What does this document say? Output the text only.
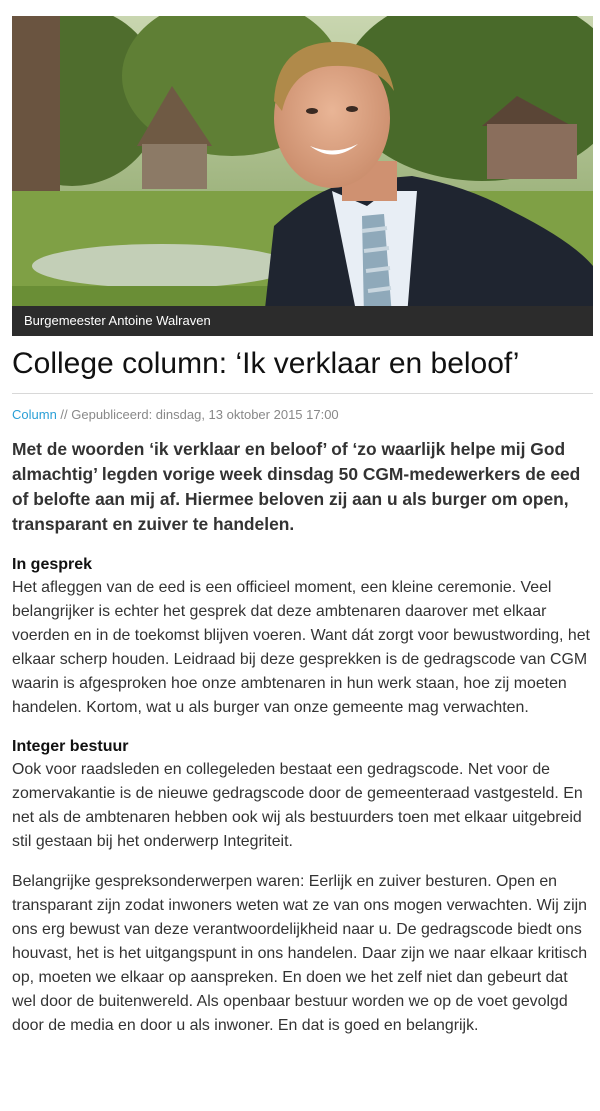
Burgemeester Antoine Walraven
College column: ‘Ik verklaar en beloof’
Column // Gepubliceerd: dinsdag, 13 oktober 2015 17:00

Met de woorden ‘ik verklaar en beloof’ of ‘zo waarlijk helpe mij God almachtig’ legden vorige week dinsdag 50 CGM-medewerkers de eed of belofte aan mij af. Hiermee beloven zij aan u als burger om open, transparant en zuiver te handelen.

In gesprek

Het afleggen van de eed is een officieel moment, een kleine ceremonie. Veel belangrijker is echter het gesprek dat deze ambtenaren daarover met elkaar voerden en in de toekomst blijven voeren. Want dát zorgt voor bewustwording, het elkaar scherp houden. Leidraad bij deze gesprekken is de gedragscode van CGM waarin is afgesproken hoe onze ambtenaren in hun werk staan, hoe zij moeten handelen. Kortom, wat u als burger van onze gemeente mag verwachten.

Integer bestuur

Ook voor raadsleden en collegeleden bestaat een gedragscode. Net voor de zomervakantie is de nieuwe gedragscode door de gemeenteraad vastgesteld. En net als de ambtenaren hebben ook wij als bestuurders toen met elkaar uitgebreid stil gestaan bij het onderwerp Integriteit.

Belangrijke gespreksonderwerpen waren: Eerlijk en zuiver besturen. Open en transparant zijn zodat inwoners weten wat ze van ons mogen verwachten. Wij zijn ons erg bewust van deze verantwoordelijkheid naar u. De gedragscode biedt ons houvast, het is het uitgangspunt in ons handelen. Daar zijn we naar elkaar kritisch op, moeten we elkaar op aanspreken. En doen we het zelf niet dan gebeurt dat wel door de buitenwereld. Als openbaar bestuur worden we op de voet gevolgd door de media en door u als inwoner. En dat is goed en belangrijk.
